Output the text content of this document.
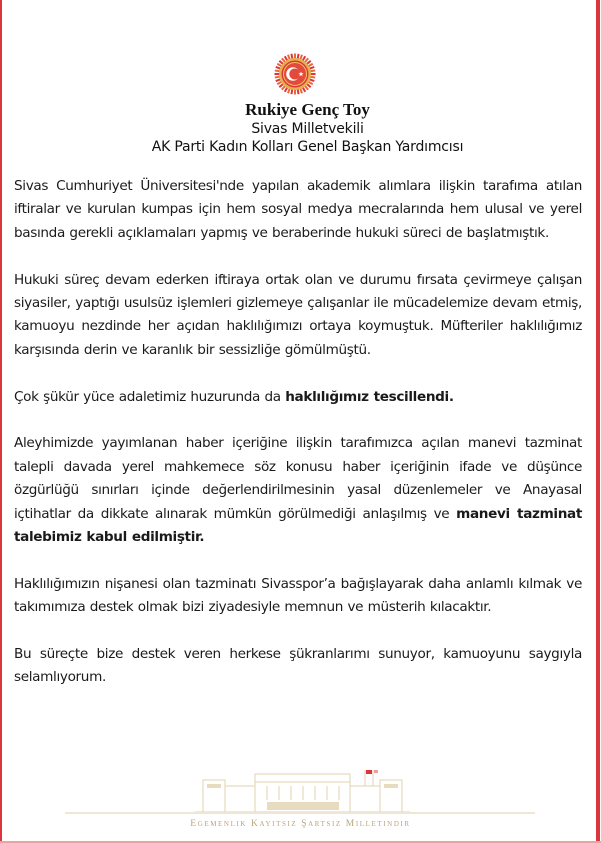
Rukiye Genç Toy
Sivas Milletvekili
AK Parti Kadın Kolları Genel Başkan Yardımcısı

Sivas Cumhuriyet Üniversitesi'nde yapılan akademik alımlara ilişkin tarafıma atılan iftiralar ve kurulan kumpas için hem sosyal medya mecralarında hem ulusal ve yerel basında gerekli açıklamaları yapmış ve beraberinde hukuki süreci de başlatmıştık.

Hukuki süreç devam ederken iftiraya ortak olan ve durumu fırsata çevirmeye çalışan siyasiler, yaptığı usulsüz işlemleri gizlemeye çalışanlar ile mücadelemize devam etmiş, kamuoyu nezdinde her açıdan haklılığımızı ortaya koymuştuk. Müfteriler haklılığımız karşısında derin ve karanlık bir sessizliğe gömülmüştü.

Çok şükür yüce adaletimiz huzurunda da haklılığımız tescillendi.

Aleyhimizde yayımlanan haber içeriğine ilişkin tarafımızca açılan manevi tazminat talepli davada yerel mahkemece söz konusu haber içeriğinin ifade ve düşünce özgürlüğü sınırları içinde değerlendirilmesinin yasal düzenlemeler ve Anayasal içtihatlar da dikkate alınarak mümkün görülmediği anlaşılmış ve manevi tazminat talebimiz kabul edilmiştir.

Haklılığımızın nişanesi olan tazminatı Sivasspor’a bağışlayarak daha anlamlı kılmak ve takımımıza destek olmak bizi ziyadesiyle memnun ve müsterih kılacaktır.

Bu süreçte bize destek veren herkese şükranlarımı sunuyor, kamuoyunu saygıyla selamlıyorum.

Egemenlik Kayıtsız Şartsız Milletindir
